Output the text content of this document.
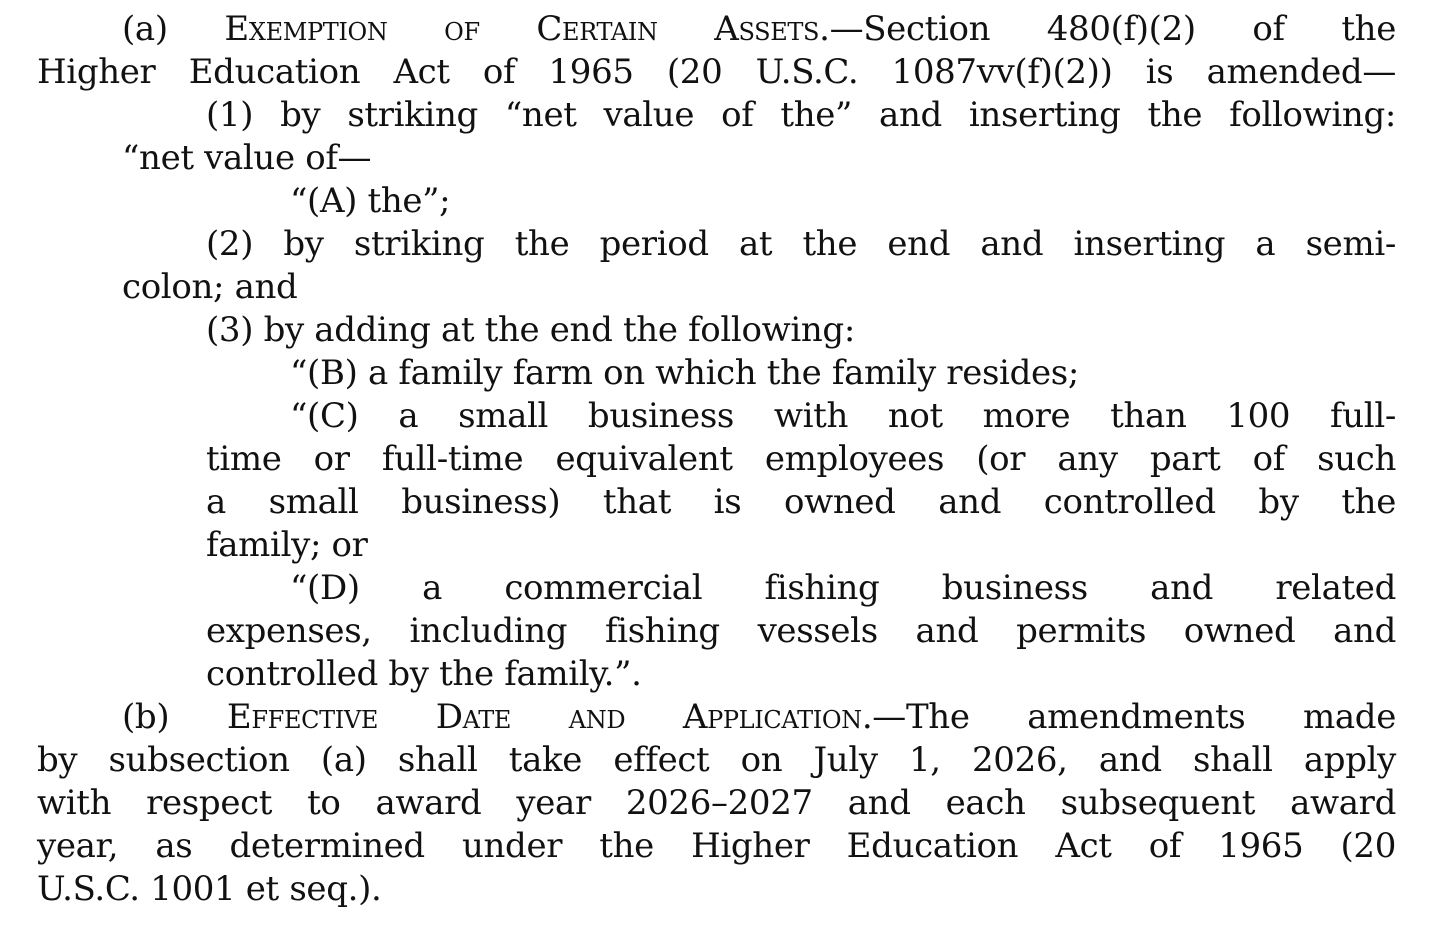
(a) Exemption of Certain Assets.—Section 480(f)(2) of the
Higher Education Act of 1965 (20 U.S.C. 1087vv(f)(2)) is amended—
(1) by striking “net value of the” and inserting the following:
“net value of—
“(A) the”;
(2) by striking the period at the end and inserting a semi-
colon; and
(3) by adding at the end the following:
“(B) a family farm on which the family resides;
“(C) a small business with not more than 100 full-
time or full-time equivalent employees (or any part of such
a small business) that is owned and controlled by the
family; or
“(D) a commercial fishing business and related
expenses, including fishing vessels and permits owned and
controlled by the family.”.
(b) Effective Date and Application.—The amendments made
by subsection (a) shall take effect on July 1, 2026, and shall apply
with respect to award year 2026–2027 and each subsequent award
year, as determined under the Higher Education Act of 1965 (20
U.S.C. 1001 et seq.).
